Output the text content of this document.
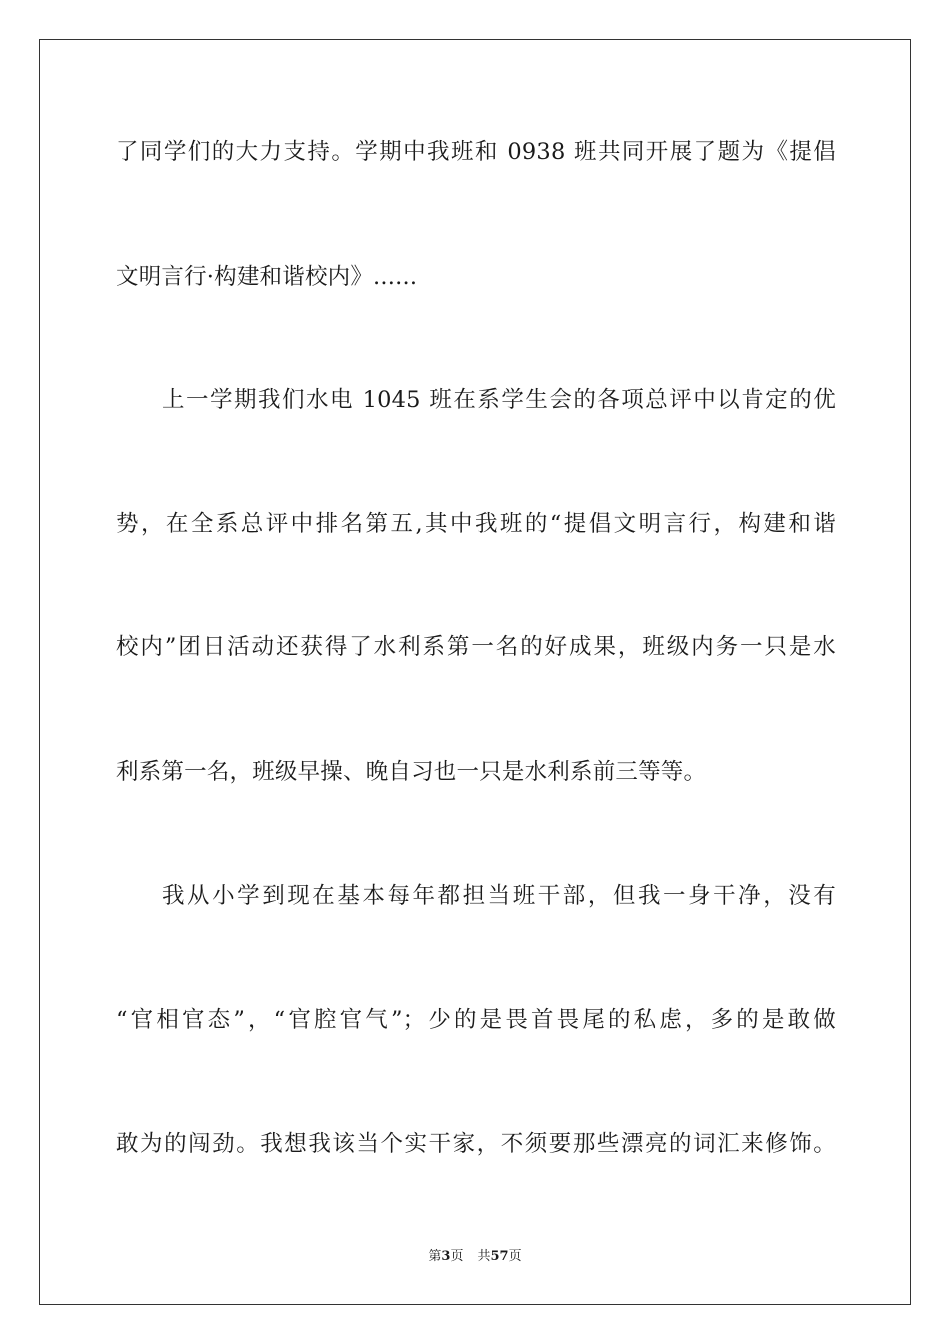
了同学们的大力支持。学期中我班和 0938 班共同开展了题为《提倡
文明言行·构建和谐校内》......
上一学期我们水电 1045 班在系学生会的各项总评中以肯定的优
势，在全系总评中排名第五,其中我班的“提倡文明言行，构建和谐
校内”团日活动还获得了水利系第一名的好成果，班级内务一只是水
利系第一名，班级早操、晚自习也一只是水利系前三等等。
我从小学到现在基本每年都担当班干部，但我一身干净，没有
“官相官态”，“官腔官气”；少的是畏首畏尾的私虑，多的是敢做
敢为的闯劲。我想我该当个实干家，不须要那些漂亮的词汇来修饰。
第3页 共57页
